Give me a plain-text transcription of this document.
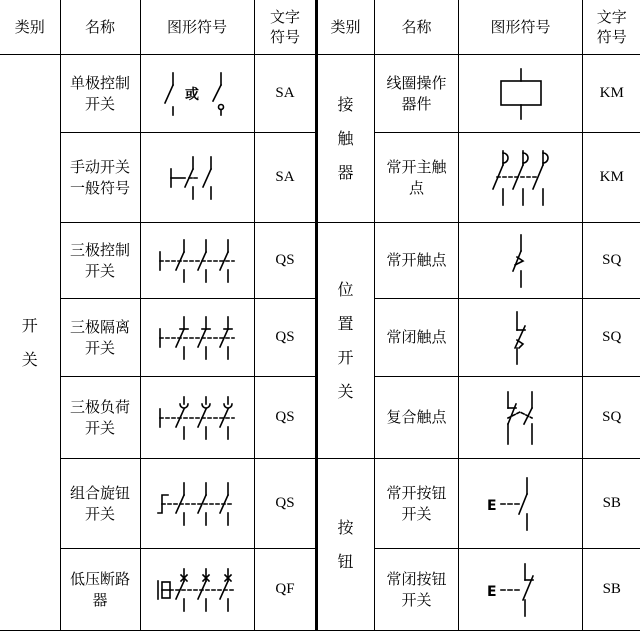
类别	名称	图形符号	文字符号
开关	单极控制开关	或	SA
	手动开关一般符号		SA
	三极控制开关		QS
	三极隔离开关		QS
	三极负荷开关		QS
	组合旋钮开关		QS
	低压断路器		QF
类别	名称	图形符号	文字符号
接触器	线圈操作器件		KM
	常开主触点		KM
位置开关	常开触点		SQ
	常闭触点		SQ
	复合触点		SQ
按钮	常开按钮开关	E	SB
	常闭按钮开关	E	SB
